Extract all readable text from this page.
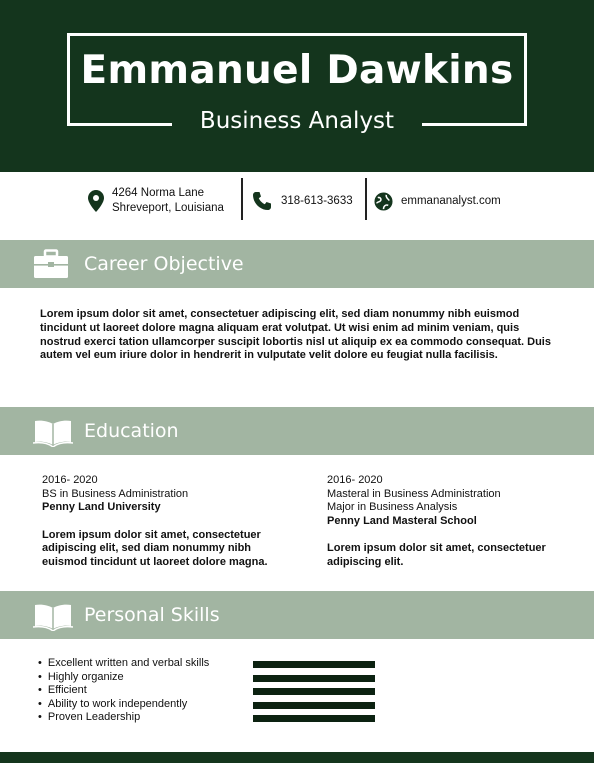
Emmanuel Dawkins
Business Analyst
4264 Norma Lane
Shreveport, Louisiana
318-613-3633	emmananalyst.com
Career Objective
Lorem ipsum dolor sit amet, consectetuer adipiscing elit, sed diam nonummy nibh euismod tincidunt ut laoreet dolore magna aliquam erat volutpat. Ut wisi enim ad minim veniam, quis nostrud exerci tation ullamcorper suscipit lobortis nisl ut aliquip ex ea commodo consequat. Duis autem vel eum iriure dolor in hendrerit in vulputate velit dolore eu feugiat nulla facilisis.
Education
2016- 2020
BS in Business Administration
Penny Land University
Lorem ipsum dolor sit amet, consectetuer adipiscing elit, sed diam nonummy nibh euismod tincidunt ut laoreet dolore magna.
2016- 2020
Masteral in Business Administration
Major in Business Analysis
Penny Land Masteral School
Lorem ipsum dolor sit amet, consectetuer adipiscing elit.
Personal Skills
• Excellent written and verbal skills
• Highly organize
• Efficient
• Ability to work independently
• Proven Leadership
